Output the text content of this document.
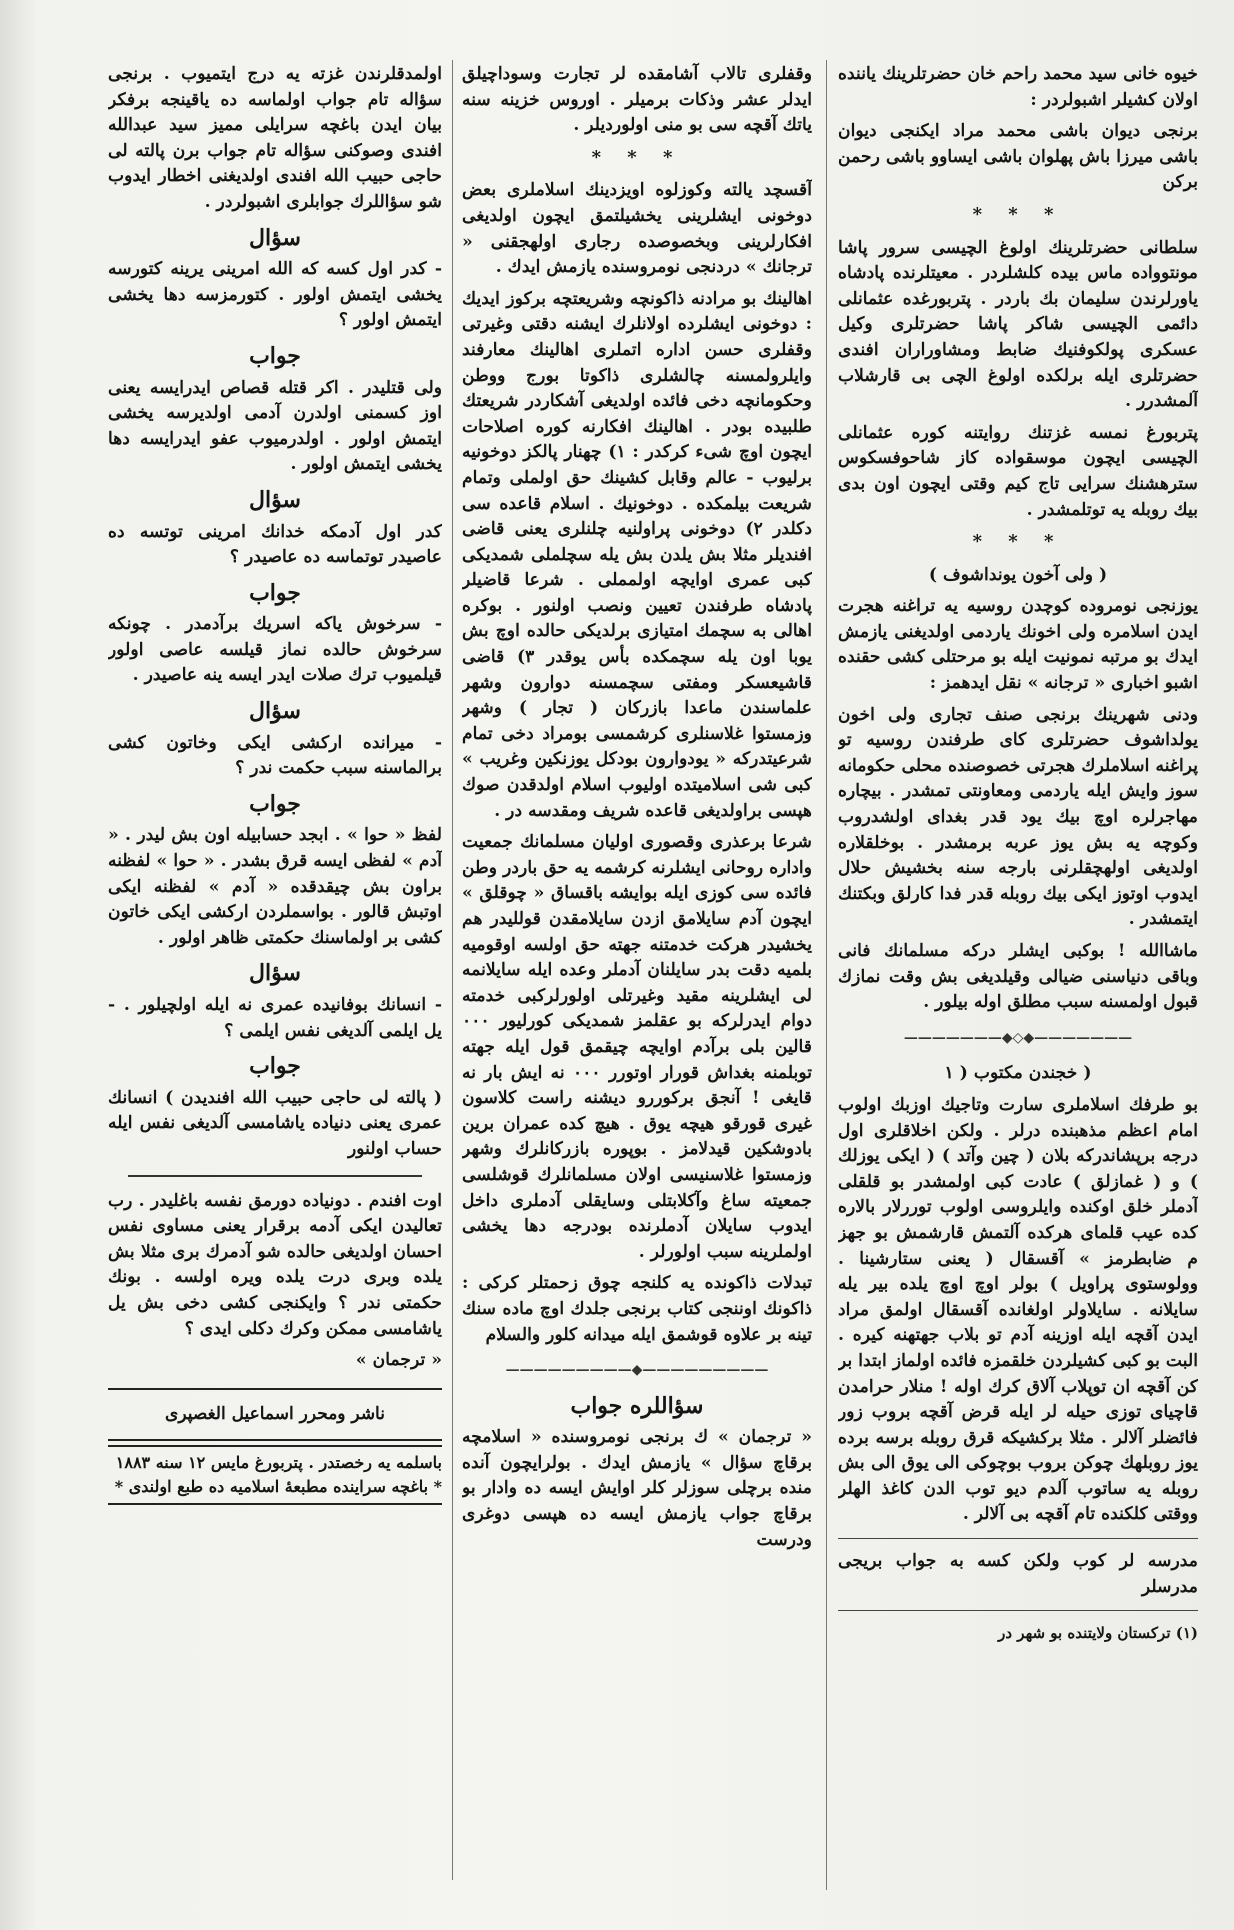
خیوه خانی سید محمد راحم خان حضرتلرینك یاننده اولان کشیلر اشبولردر :
برنجی دیوان باشی محمد مراد ایکنجی دیوان باشی میرزا باش پهلوان باشی ایساوو باشی رحمن برکن
* * *
سلطانی حضرتلرینك اولوغ الچیسی سرور پاشا مونتوواده ماس بیده کلشلردر . معیتلرنده پادشاه یاورلرندن سلیمان بك باردر . پتربورغده عثمانلی دائمی الچیسی شاکر پاشا حضرتلری وکیل عسکری پولکوفنیك ضابط ومشاوراران افندی حضرتلری ایله برلکده اولوغ الچی بی قارشلاب آلمشدرر .
پتربورغ نمسه غزتنك روایتنه کوره عثمانلی الچیسی ایچون موسقواده کاز شاحوفسکوس سترهشنك سرایی تاج کیم وقتی ایچون اون بدی بیك روبله یه توتلمشدر .
* * *
( ولی آخون یونداشوف )
یوزنجی نومروده کوچدن روسیه یه تراغنه هجرت ایدن اسلامره ولی اخونك یاردمی اولدیغنی یازمش ایدك بو مرتبه نمونیت ایله بو مرحتلی کشی حقنده اشبو اخباری « ترجانه » نقل ایدهمز :
ودنی شهرینك برنجی صنف تجاری ولی اخون یولداشوف حضرتلری کای طرفندن روسیه تو پراغنه اسلاملرك هجرتی خصوصنده محلی حکومانه سوز وایش ایله یاردمی ومعاونتی تمشدر . بیچاره مهاجرلره اوچ بیك یود قدر بغدای اولشدروب وکوچه یه بش یوز عربه برمشدر . بوخلقلاره اولدیغی اولهچقلرنی بارجه سنه بخشیش حلال ایدوب اوتوز ایکی بیك روبله قدر فدا کارلق وبکتنك ایتمشدر .
ماشاالله ! بوکبی ایشلر درکه مسلمانك فانی وباقی دنیاسنی ضیالی وقیلدیغی بش وقت نمازك قبول اولمسنه سبب مطلق اوله بیلور .
———————◆◇◆———————
( خجندن مکتوب ( ١
بو طرفك اسلاملری سارت وتاجیك اوزبك اولوب امام اعظم مذهبنده درلر . ولکن اخلاقلری اول درجه برپشاندرکه بلان ( چین وآتد ) ( ایکی یوزلك ) و ( غمازلق ) عادت کبی اولمشدر بو قلقلی آدملر خلق اوکنده وایلروسی اولوب توررلار بالاره کده عیب قلمای هرکده آلتمش قارشمش بو جهز م ضابطرمز » آقسقال ( یعنی ستارشینا . وولوستوی پراویل ) بولر اوچ اوچ یلده بیر یله سایلانه . سایلاولر اولغانده آقسقال اولمق مراد ایدن آقچه ایله اوزینه آدم تو بلاب جهتهنه کیره . البت بو کبی کشیلردن خلقمزه فائده اولماز ابتدا بر کن آقچه ان توپلاب آلاق کرك اوله ! منلار حرامدن قاچیای توزی حیله لر ایله قرض آقچه بروب زور فائضلر آلالر . مثلا برکشیکه قرق روبله برسه برده یوز روبلهك چوکن بروب بوچوکی الی یوق الی بش روبله یه ساتوب آلدم دیو توب الدن کاغذ الهلر ووقتی کلکنده تام آقچه بی آلالر .
مدرسه لر کوب ولکن کسه به جواب بریجی مدرسلر
(١) ترکستان ولایتنده بو شهر در
وقفلری تالاب آشامقده لر تجارت وسوداچیلق ایدلر عشر وذکات برمیلر . اوروس خزینه سنه یاتك آقچه سی بو منی اولوردیلر .
* * *
آقسچد یالته وکوزلوه اویزدینك اسلاملری بعض دوخونی ایشلرینی یخشیلتمق ایچون اولدیغی افکارلرینی وبخصوصده رجاری اولهجقنی « ترجانك » دردنجی نومروسنده یازمش ایدك .
اهالینك بو مرادنه ذاکونچه وشریعتچه برکوز ایدیك : دوخونی ایشلرده اولانلرك ایشنه دقتی وغیرتی وقفلری حسن اداره اتملری اهالینك معارفند وایلرولمسنه چالشلری ذاکوتا بورج ووطن وحکومانچه دخی فائده اولدیغی آشکاردر شریعتك طلبیده بودر . اهالینك افکارنه کوره اصلاحات ایچون اوچ شیء کرکدر : ١) چهنار پالکز دوخونیه برلیوب - عالم وقابل کشینك حق اولملی وتمام شریعت بیلمکده . دوخونیك . اسلام قاعده سی دکلدر ٢) دوخونی پراولنیه چلنلری یعنی قاضی افندیلر مثلا بش یلدن بش یله سچلملی شمدیکی کبی عمری اوایچه اولمملی . شرعا قاضیلر پادشاه طرفندن تعیین ونصب اولنور . بوکره اهالی به سچمك امتیازی برلدیکی حالده اوچ بش یوبا اون یله سچمکده بأس یوقدر ٣) قاضی قاشیعسکر ومفتی سچمسنه دوارون وشهر علماسندن ماعدا بازرکان ( تجار ) وشهر وزمستوا غلاسنلری کرشمسی بومراد دخی تمام شرعیتدرکه « یودوارون بودکل یوزنکین وغریب » کبی شی اسلامیتده اولیوب اسلام اولدقدن صوك هپسی براولدیغی قاعده شریف ومقدسه در .
شرعا برعذری وقصوری اولیان مسلمانك جمعیت واداره روحانی ایشلرنه کرشمه یه حق باردر وطن فائده سی کوزی ایله بوایشه باقساق « چوقلق » ایچون آدم سایلامق ازدن سایلامقدن قوللیدر هم یخشیدر هرکت خدمتنه جهته حق اولسه اوقومیه بلمیه دقت بدر سایلنان آدملر وعده ایله سایلانمه لی ایشلرینه مقید وغیرتلی اولورلرکبی خدمته دوام ایدرلرکه بو عقلمز شمدیکی کورلیور ٠٠٠ قالین بلی برآدم اوایچه چیقمق قول ایله جهته توبلمنه بغداش قورار اوتورر ٠٠٠ نه ایش بار نه قایغی ! آنجق برکوررو دیشنه راست کلاسون غیری قورقو هیچه یوق . هیچ کده عمران برین بادوشکین قیدلامز . بوپوره بازرکانلرك وشهر وزمستوا غلاسنیسی اولان مسلمانلرك قوشلسی جمعیته ساغ وآکلابتلی وسایقلی آدملری داخل ایدوب سایلان آدملرنده بودرجه دها یخشی اولملرینه سبب اولورلر .
تبدلات ذاکونده یه کلنجه چوق زحمتلر کرکی : ذاکونك اوننجی کتاب برنجی جلدك اوچ ماده سنك تینه بر علاوه قوشمق ایله میدانه کلور والسلام
—————————◆—————————
سؤاللره جواب
« ترجمان » ك برنجی نومروسنده « اسلامچه برقاچ سؤال » یازمش ایدك . بولرایچون آنده منده برچلی سوزلر کلر اوایش ایسه ده وادار بو برقاچ جواب یازمش ایسه ده هپسی دوغری ودرست
اولمدقلرندن غزته یه درج ایتمیوب . برنجی سؤاله تام جواب اولماسه ده یاقینجه برفکر بیان ایدن باغچه سرایلی ممیز سید عبدالله افندی وصوکنی سؤاله تام جواب برن پالته لی حاجی حبیب الله افندی اولدیغنی اخطار ایدوب شو سؤاللرك جوابلری اشبولردر .
سؤال
- کدر اول کسه که الله امرینی یرینه کتورسه یخشی ایتمش اولور . کتورمزسه دها یخشی ایتمش اولور ؟
جواب
ولی قتلیدر . اکر قتله قصاص ایدرایسه یعنی اوز کسمنی اولدرن آدمی اولدیرسه یخشی ایتمش اولور . اولدرمیوب عفو ایدرایسه دها یخشی ایتمش اولور .
سؤال
کدر اول آدمکه خدانك امرینی توتسه ده عاصیدر توتماسه ده عاصیدر ؟
جواب
- سرخوش یاکه اسریك برآدمدر . چونکه سرخوش حالده نماز قیلسه عاصی اولور قیلمیوب ترك صلات ایدر ایسه ینه عاصیدر .
سؤال
- میرانده ارکشی ایکی وخاتون کشی برالماسنه سبب حکمت ندر ؟
جواب
لفظ « حوا » . ابجد حسابیله اون بش لیدر . « آدم » لفظی ایسه قرق بشدر . « حوا » لفظنه براون بش چیقدقده « آدم » لفظنه ایکی اوتبش قالور . بواسملردن ارکشی ایکی خاتون کشی بر اولماسنك حکمتی ظاهر اولور .
سؤال
- انسانك بوفانیده عمری نه ایله اولچیلور . - یل ایلمی آلدیغی نفس ایلمی ؟
جواب
( پالته لی حاجی حبیب الله افندیدن ) انسانك عمری یعنی دنیاده یاشامسی آلدیغی نفس ایله حساب اولنور
اوت افندم . دونیاده دورمق نفسه باغلیدر . رب تعالیدن ایکی آدمه برقرار یعنی مساوی نفس احسان اولدیغی حالده شو آدمرك بری مثلا بش یلده وبری درت یلده ویره اولسه . بونك حکمتی ندر ؟ وایکنجی کشی دخی بش یل یاشامسی ممکن وکرك دکلی ایدی ؟
« ترجمان »
ناشر ومحرر اسماعیل الغصپری
باسلمه یه رخصتدر . پتربورغ مایس ١٢ سنه ١٨٨٣
* باغچه سراینده مطبعهٔ اسلامیه ده طبع اولندی *
